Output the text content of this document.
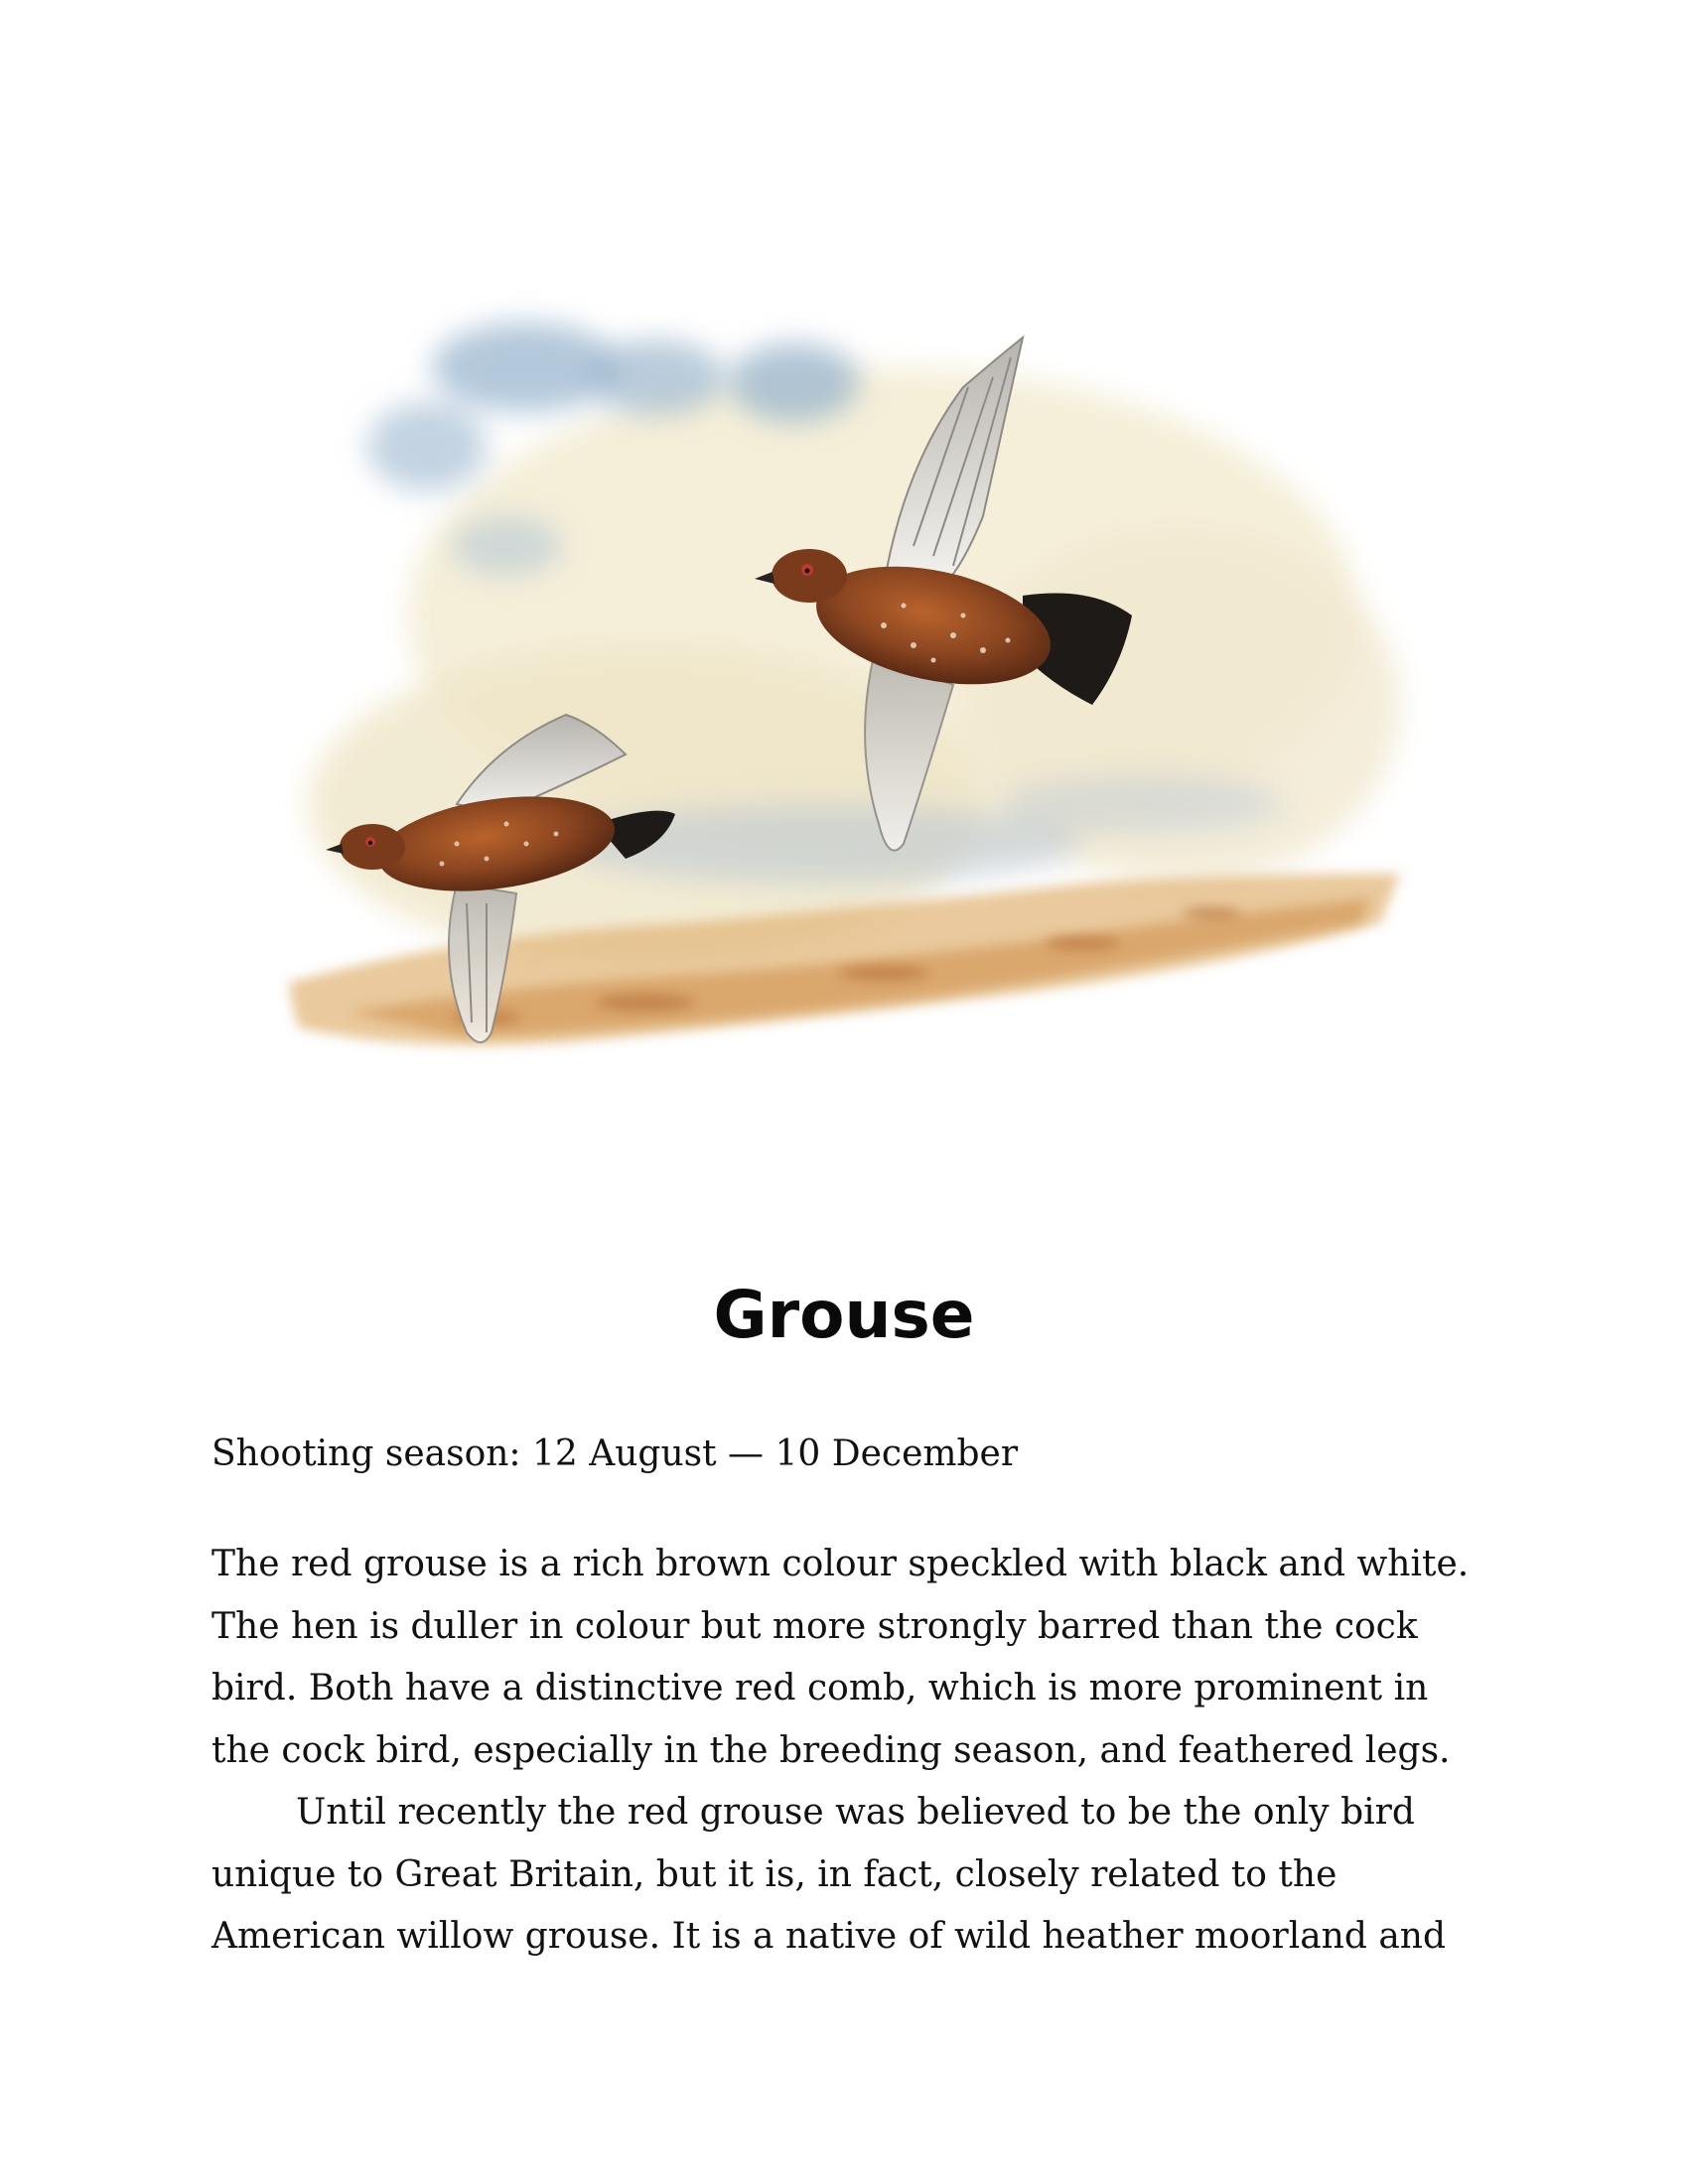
Grouse

Shooting season: 12 August — 10 December

The red grouse is a rich brown colour speckled with black and white.
The hen is duller in colour but more strongly barred than the cock
bird. Both have a distinctive red comb, which is more prominent in
the cock bird, especially in the breeding season, and feathered legs.
Until recently the red grouse was believed to be the only bird
unique to Great Britain, but it is, in fact, closely related to the
American willow grouse. It is a native of wild heather moorland and
